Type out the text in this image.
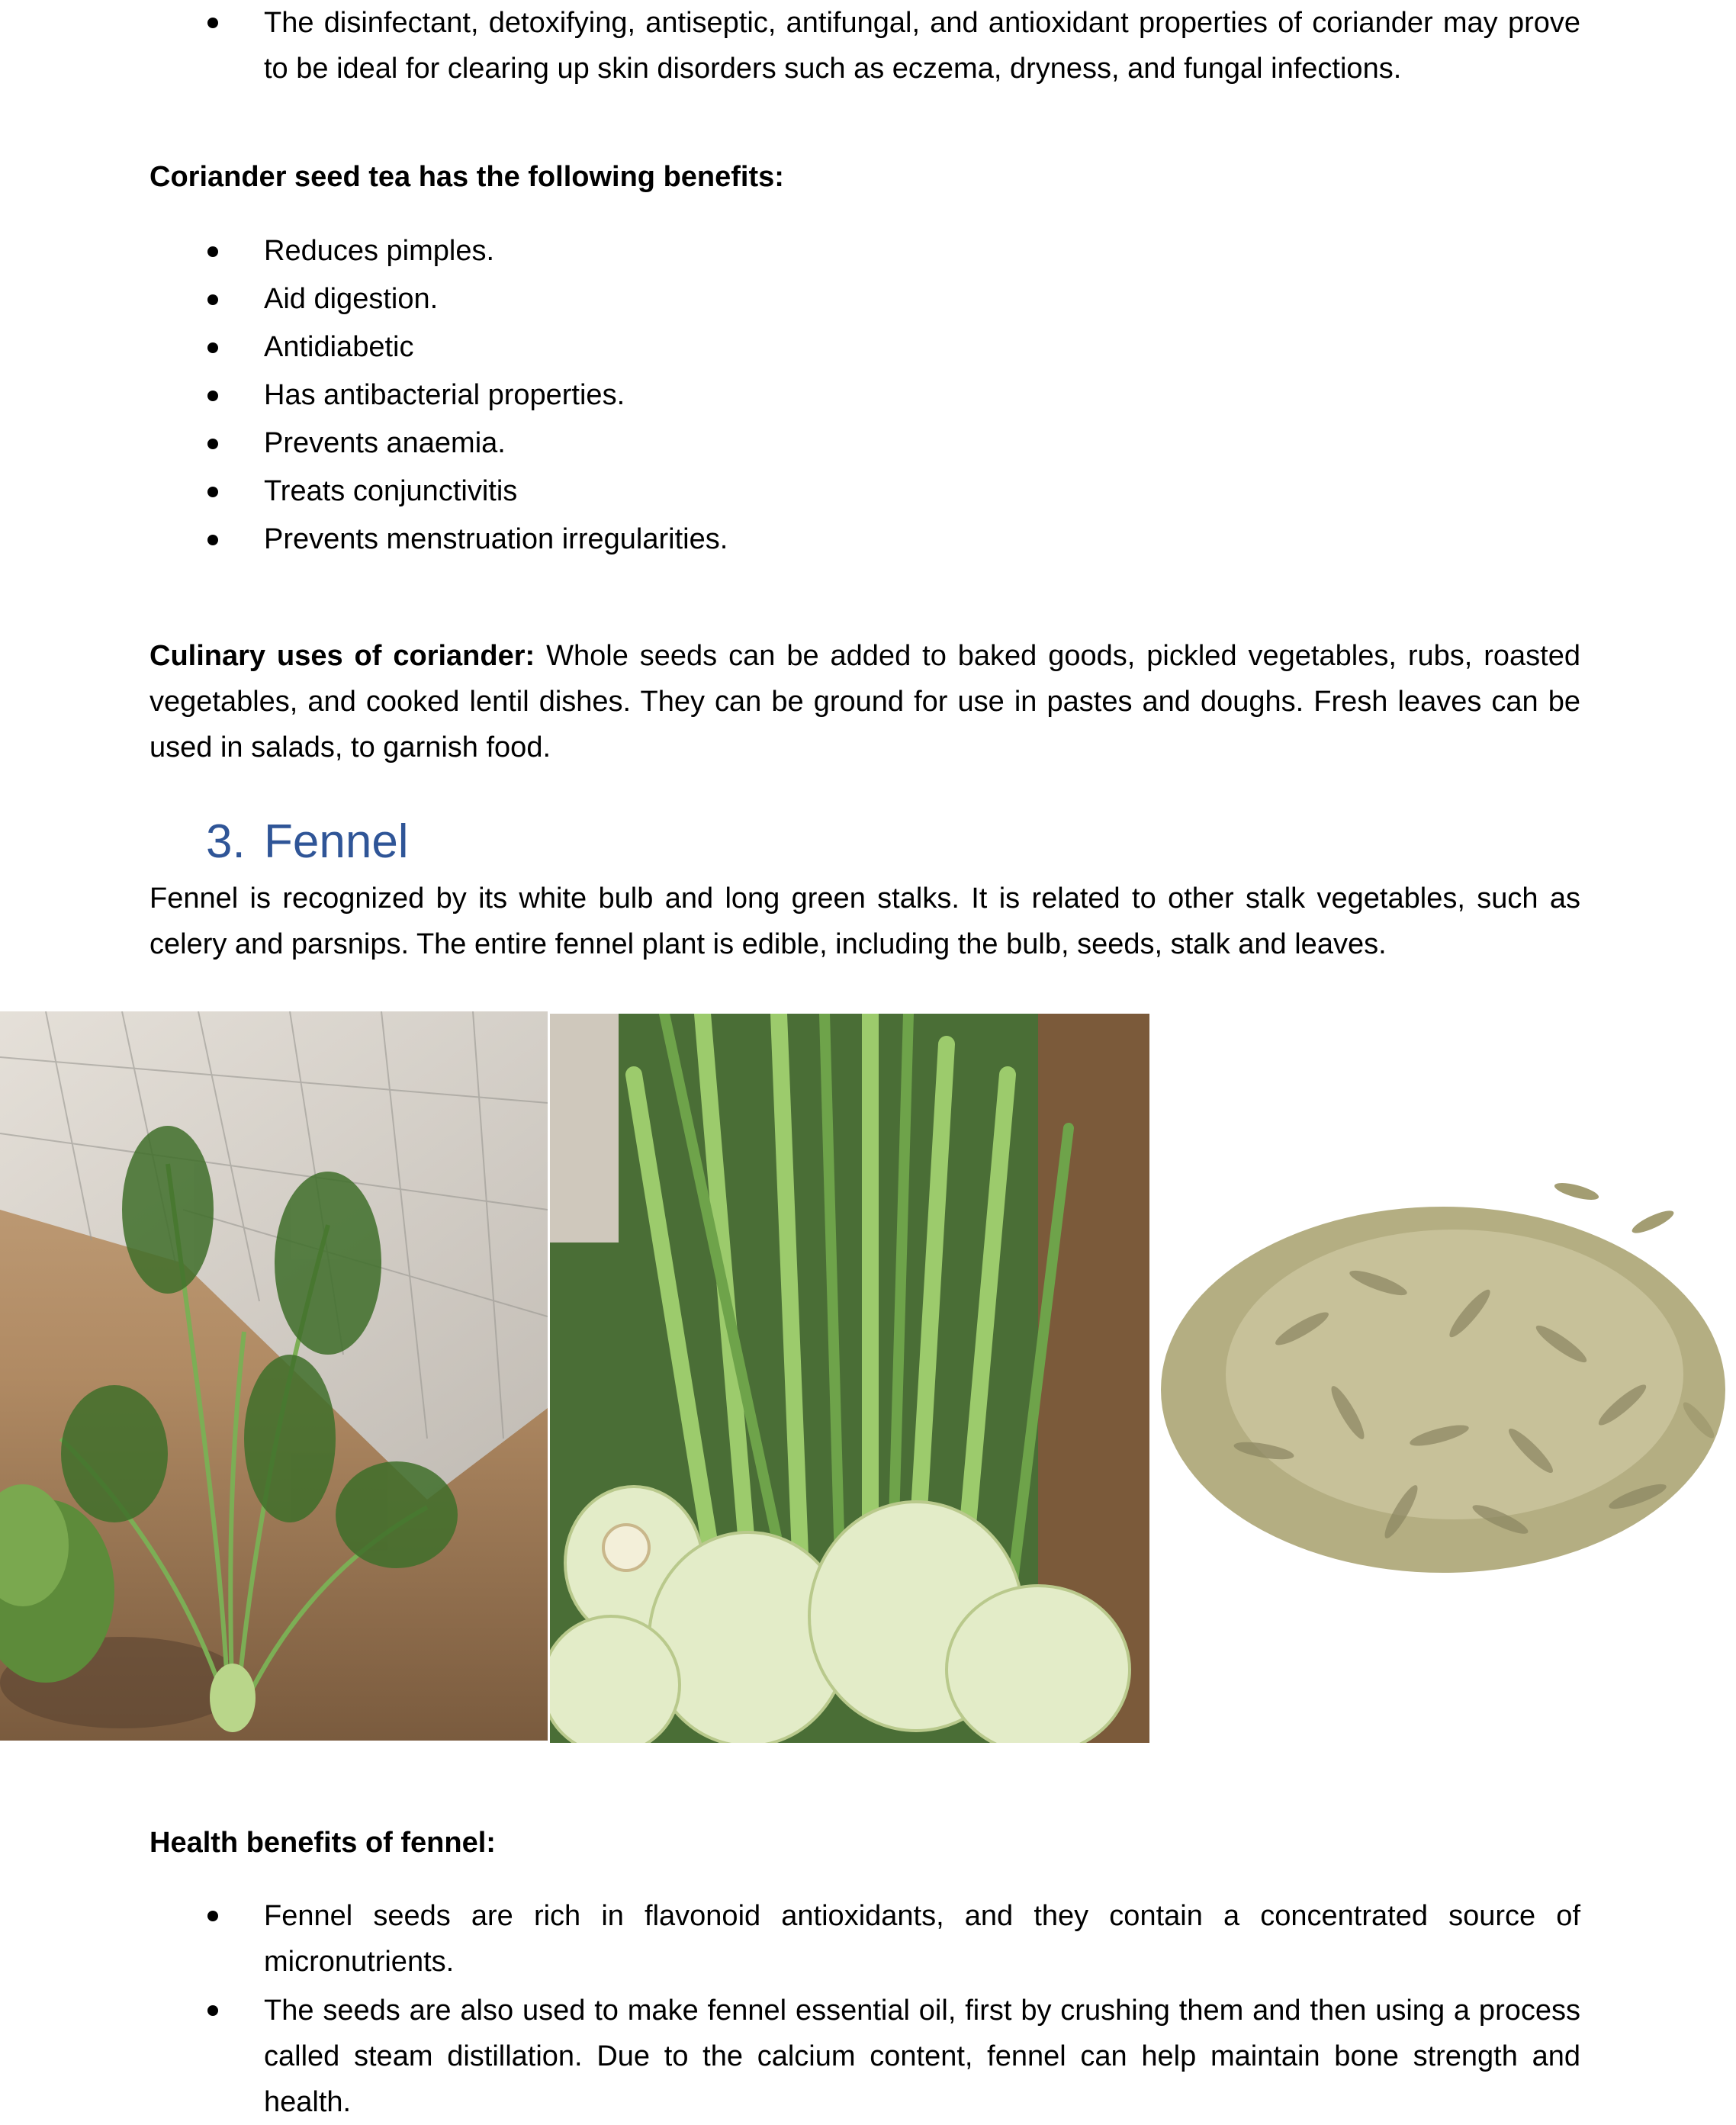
The disinfectant, detoxifying, antiseptic, antifungal, and antioxidant properties of coriander may prove to be ideal for clearing up skin disorders such as eczema, dryness, and fungal infections.
Coriander seed tea has the following benefits:
Reduces pimples.
Aid digestion.
Antidiabetic
Has antibacterial properties.
Prevents anaemia.
Treats conjunctivitis
Prevents menstruation irregularities.
Culinary uses of coriander: Whole seeds can be added to baked goods, pickled vegetables, rubs, roasted vegetables, and cooked lentil dishes. They can be ground for use in pastes and doughs. Fresh leaves can be used in salads, to garnish food.
3. Fennel
Fennel is recognized by its white bulb and long green stalks. It is related to other stalk vegetables, such as celery and parsnips. The entire fennel plant is edible, including the bulb, seeds, stalk and leaves.
Health benefits of fennel:
Fennel seeds are rich in flavonoid antioxidants, and they contain a concentrated source of micronutrients.
The seeds are also used to make fennel essential oil, first by crushing them and then using a process called steam distillation. Due to the calcium content, fennel can help maintain bone strength and health.
